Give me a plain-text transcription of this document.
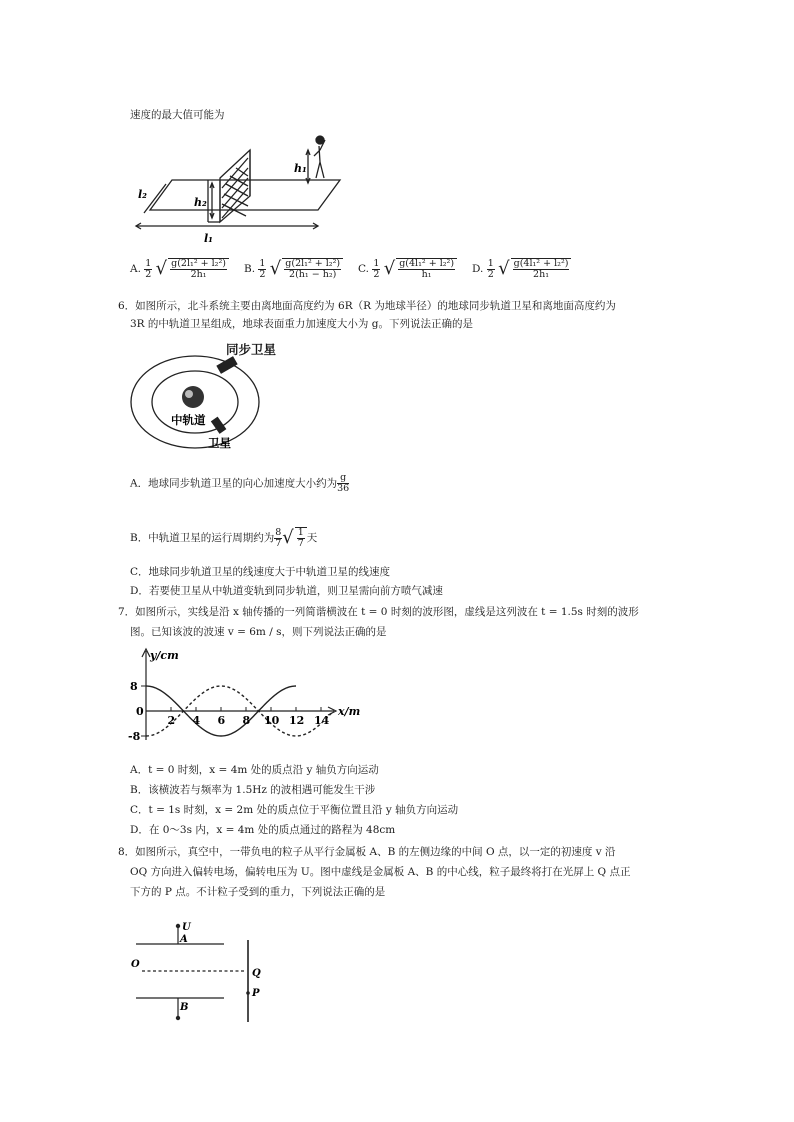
速度的最大值可能为
l₂
h₂
h₁
l₁
A. $\frac{1}{2}$ √ $\frac{\text{g(2l₁² + l₂²)}}{\text{2h₁}} B$. $\frac{1}{2}$ √ $\frac{\text{g(2l₁² + l₂²)}}{\text{2(h₁ − h₂)}} C$. $\frac{1}{2}$ √ $\frac{\text{g(4l₁² + l₂²)}}{\text{h₁}} D$. $\frac{1}{2}$ √ $\frac{\text{g(4l₁² + l₂²)}}{\text{2h₁}}$
6．如图所示，北斗系统主要由离地面高度约为 6R（R 为地球半径）的地球同步轨道卫星和离地面高度约为
3R 的中轨道卫星组成，地球表面重力加速度大小为 g。下列说法正确的是
中轨道
卫星
同步卫星
A．地球同步轨道卫星的向心加速度大小约为 $\frac{g}{36}$
B．中轨道卫星的运行周期约为 $\frac{8}{7}$ √ $\frac{1}{7}$ 天
C．地球同步轨道卫星的线速度大于中轨道卫星的线速度
D．若要使卫星从中轨道变轨到同步轨道，则卫星需向前方喷气减速
7．如图所示，实线是沿 x 轴传播的一列简谐横波在 t = 0 时刻的波形图，虚线是这列波在 t = 1.5s 时刻的波形
图。已知该波的波速 v = 6m / s，则下列说法正确的是
2 4 6 8 10 12 14
8
0
-8
y/cm
x/m
A．t = 0 时刻，x = 4m 处的质点沿 y 轴负方向运动
B．该横波若与频率为 1.5Hz 的波相遇可能发生干涉
C．t = 1s 时刻，x = 2m 处的质点位于平衡位置且沿 y 轴负方向运动
D．在 0～3s 内，x = 4m 处的质点通过的路程为 48cm
8．如图所示，真空中，一带负电的粒子从平行金属板 A、B 的左侧边缘的中间 O 点，以一定的初速度 v 沿
OQ 方向进入偏转电场，偏转电压为 U。图中虚线是金属板 A、B 的中心线，粒子最终将打在光屏上 Q 点正
下方的 P 点。不计粒子受到的重力，下列说法正确的是
U
A
O
Q
P
B
